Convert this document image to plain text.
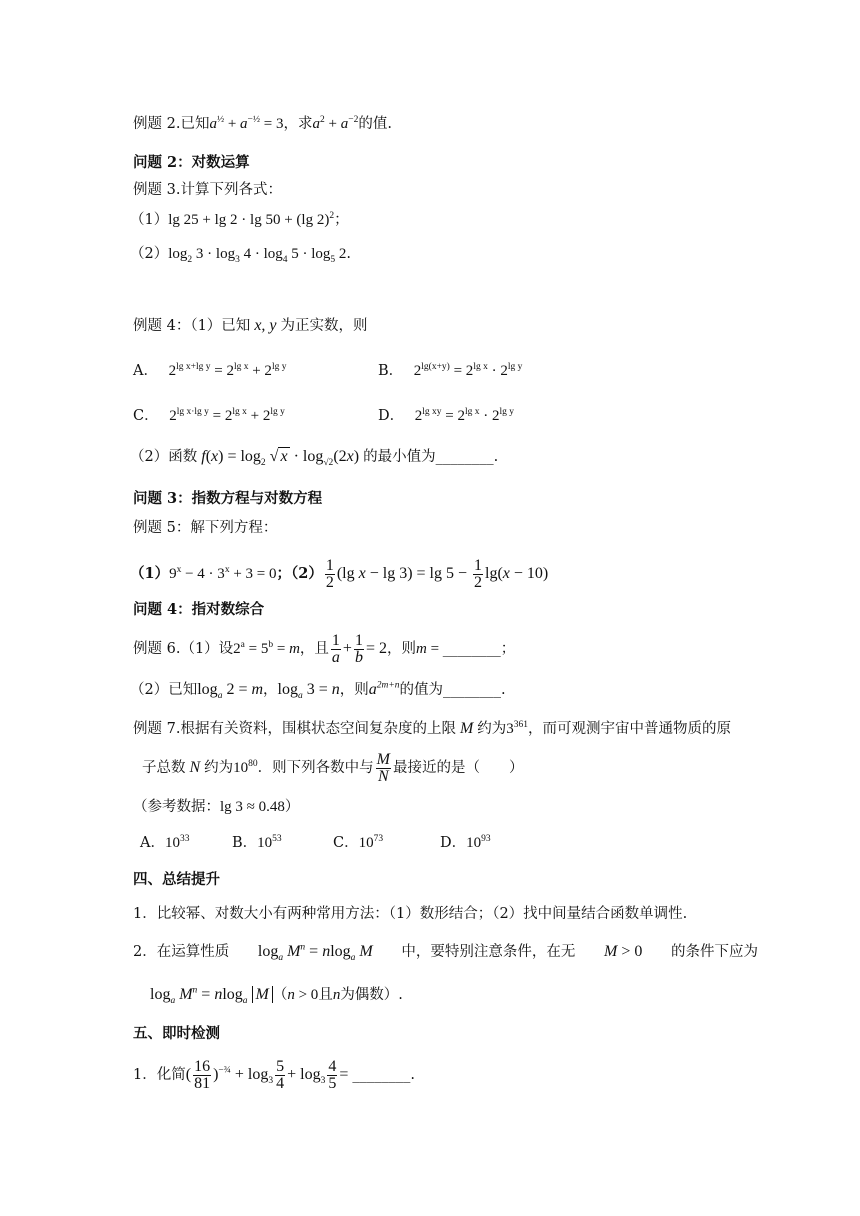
例题 2.已知$a^{\frac{1}{2}} + a^{-\frac{1}{2}} = 3$，求$a^2 + a^{-2}$的值.
问题 2：对数运算
例题 3.计算下列各式：
（1）lg 25 + lg 2 · lg 50 + (lg 2)$^2$；
$(2)\log_2$ $3 \cdot \log_3 4 \cdot \log_4 5 \cdot \log_5 2$.
例题 4：（1）已知 x, y 为正实数，则
A． $2^{lg x+lg y} = 2^{lg x} + 2^{lg y}$	B． $2^{lg(x+y)} = 2^{lg x} \cdot 2^{lg y}$
C． $2^{lg x\cdot lg y} = 2^{lg x} + 2^{lg y}$	D． $2^{lg xy} = 2^{lg x} \cdot 2^{lg y}$
（2）函数 $f(x) = \log_2$ √ $x \cdot \log_{√2}(2x)$ 的最小值为________.
问题 3：指数方程与对数方程
例题 5：解下列方程：
$(1)9^x - 4 \cdot 3^x + 3 = 0$；$(2) \frac{1}{2} (\lg$ $x - \lg 3) = \lg 5 - \frac{1}{2} \lg(x - 10)$
问题 4：指对数综合
例题 6.（1）设$2^a = 5^b = m$，且 $\frac{1}{a} + \frac{1}{b} = 2$，则m = ________；
（2）已知$\log_a 2 = m$，$\log_a 3 = n$，则$a^{2m+n}$的值为________.
例题 7.根据有关资料，围棋状态空间复杂度的上限 M 约为$3^{361}$，而可观测宇宙中普通物质的原
子总数 N 约为$10^{80}$．则下列各数中与 $\frac{M}{N}$ 最接近的是（　　）
（参考数据：lg 3 ≈ 0.48）
A．$10^{33}$	B．$10^{53}$	C．$10^{73}$	D．$10^{93}$
四、总结提升
1．比较幂、对数大小有两种常用方法：（1）数形结合；（2）找中间量结合函数单调性.
2．在运算性质 $\log_a M^n = nlog_a$ M 中，要特别注意条件，在无 M > 0 的条件下应为
$\log_a M^n = nlog_a$ M （n > 0且n为偶数）.
五、即时检测
1．化简( $\frac{16}{81} )^{-\frac{3}{4}} + \log_3 \frac{5}{4} + \log_3 \frac{4}{5}$ = ________.
